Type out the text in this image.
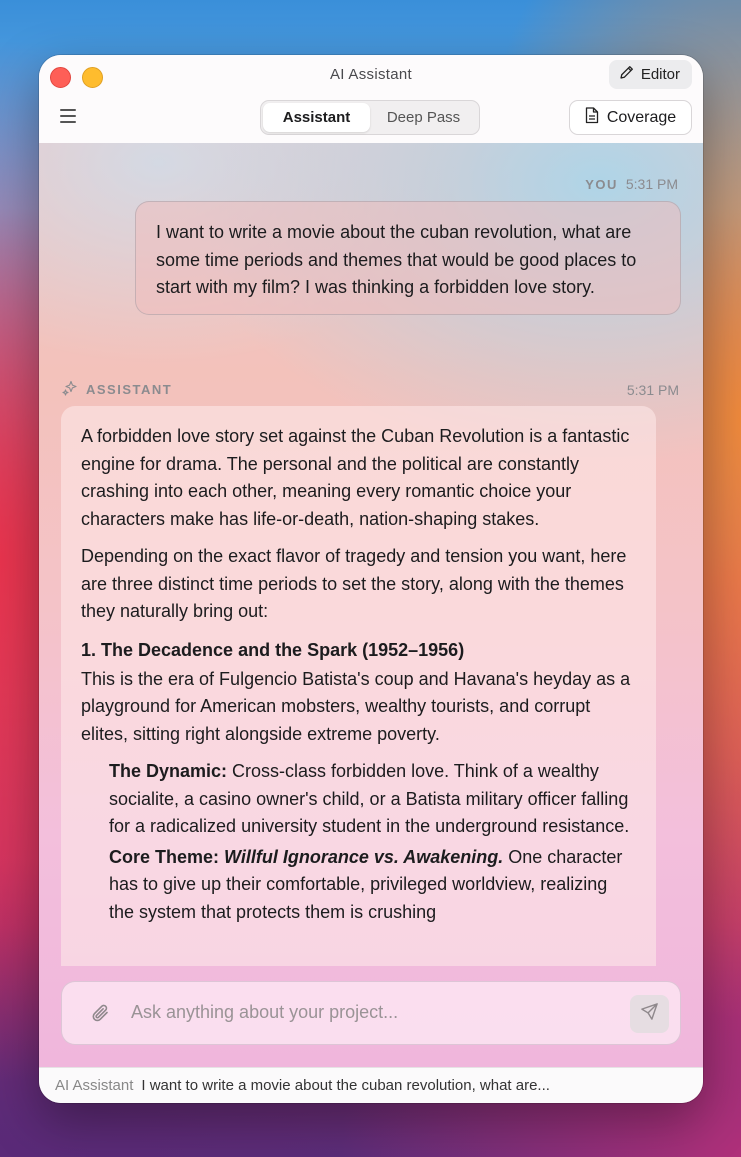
AI Assistant	Editor
Assistant	Deep Pass	Coverage
YOU 5:31 PM
I want to write a movie about the cuban revolution, what are some time periods and themes that would be good places to start with my film? I was thinking a forbidden love story.
ASSISTANT	5:31 PM

A forbidden love story set against the Cuban Revolution is a fantastic engine for drama. The personal and the political are constantly crashing into each other, meaning every romantic choice your characters make has life-or-death, nation-shaping stakes.

Depending on the exact flavor of tragedy and tension you want, here are three distinct time periods to set the story, along with the themes they naturally bring out:

1. The Decadence and the Spark (1952–1956)

This is the era of Fulgencio Batista's coup and Havana's heyday as a playground for American mobsters, wealthy tourists, and corrupt elites, sitting right alongside extreme poverty.

The Dynamic: Cross-class forbidden love. Think of a wealthy socialite, a casino owner's child, or a Batista military officer falling for a radicalized university student in the underground resistance.

Core Theme: Willful Ignorance vs. Awakening. One character has to give up their comfortable, privileged worldview, realizing the system that protects them is crushing

Ask anything about your project...
AI Assistant I want to write a movie about the cuban revolution, what are...
